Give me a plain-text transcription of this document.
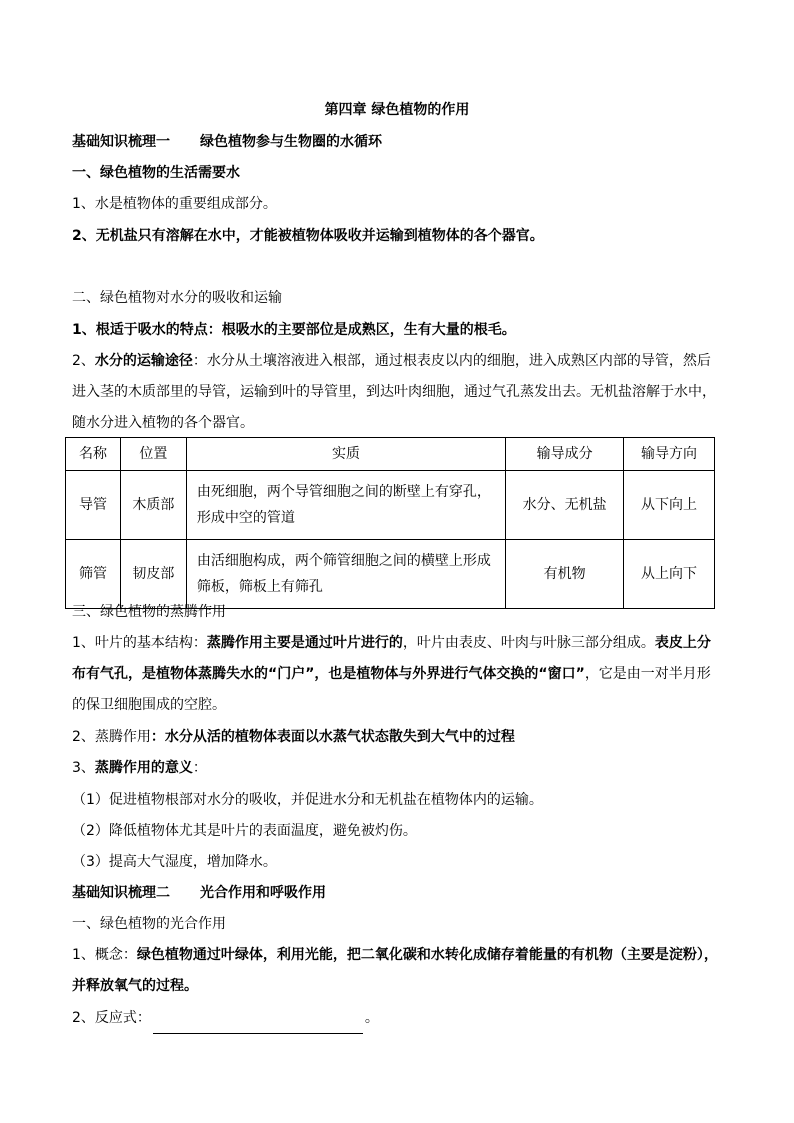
第四章 绿色植物的作用
基础知识梳理一 绿色植物参与生物圈的水循环
一、绿色植物的生活需要水
1、水是植物体的重要组成部分。
2、无机盐只有溶解在水中，才能被植物体吸收并运输到植物体的各个器官。
二、绿色植物对水分的吸收和运输
1、根适于吸水的特点：根吸水的主要部位是成熟区，生有大量的根毛。
2、水分的运输途径：水分从土壤溶液进入根部，通过根表皮以内的细胞，进入成熟区内部的导管，然后进入茎的木质部里的导管，运输到叶的导管里，到达叶肉细胞，通过气孔蒸发出去。无机盐溶解于水中，随水分进入植物的各个器官。
名称	位置	实质	输导成分	输导方向
导管	木质部	由死细胞，两个导管细胞之间的断壁上有穿孔，形成中空的管道	水分、无机盐	从下向上
筛管	韧皮部	由活细胞构成，两个筛管细胞之间的横壁上形成筛板，筛板上有筛孔	有机物	从上向下
三、绿色植物的蒸腾作用
1、叶片的基本结构：蒸腾作用主要是通过叶片进行的，叶片由表皮、叶肉与叶脉三部分组成。表皮上分布有气孔，是植物体蒸腾失水的“门户”，也是植物体与外界进行气体交换的“窗口”，它是由一对半月形的保卫细胞围成的空腔。
2、蒸腾作用：水分从活的植物体表面以水蒸气状态散失到大气中的过程
3、蒸腾作用的意义：
（1）促进植物根部对水分的吸收，并促进水分和无机盐在植物体内的运输。
（2）降低植物体尤其是叶片的表面温度，避免被灼伤。
（3）提高大气湿度，增加降水。
基础知识梳理二 光合作用和呼吸作用
一、绿色植物的光合作用
1、概念：绿色植物通过叶绿体，利用光能，把二氧化碳和水转化成储存着能量的有机物（主要是淀粉），并释放氧气的过程。
2、反应式：	。
